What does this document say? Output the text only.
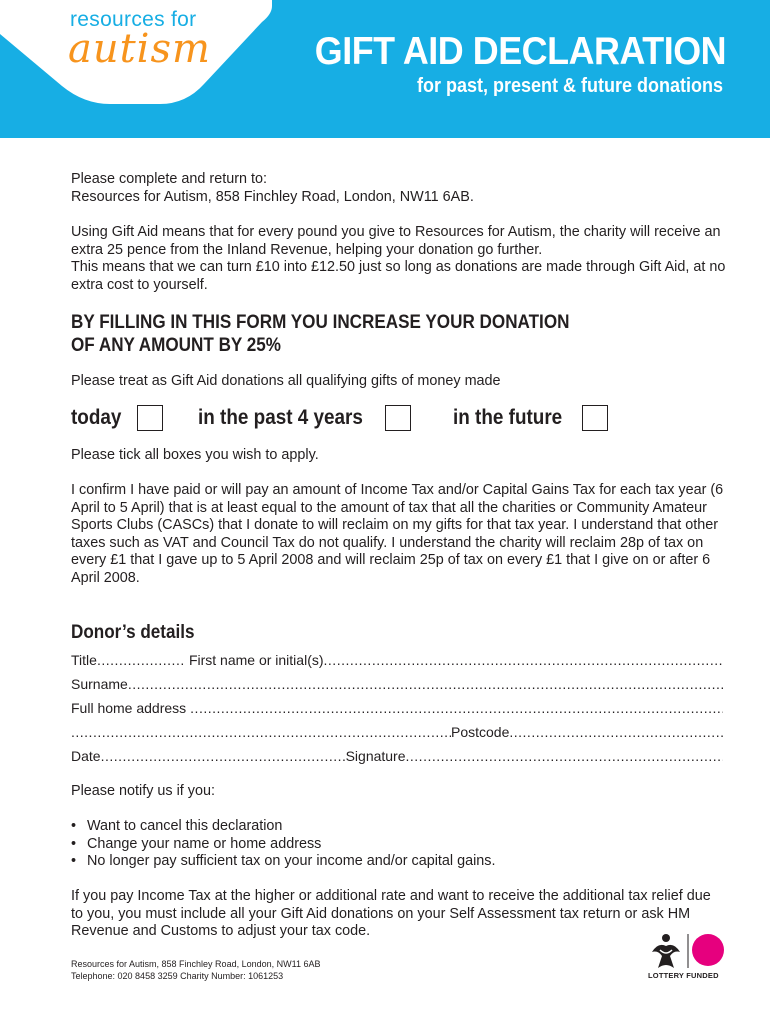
resources for
autism	GIFT AID DECLARATION
for past, present & future donations
Please complete and return to:
Resources for Autism, 858 Finchley Road, London, NW11 6AB.
Using Gift Aid means that for every pound you give to Resources for Autism, the charity will receive an extra 25 pence from the Inland Revenue, helping your donation go further.
This means that we can turn £10 into £12.50 just so long as donations are made through Gift Aid, at no extra cost to yourself.
BY FILLING IN THIS FORM YOU INCREASE YOUR DONATION
OF ANY AMOUNT BY 25%
Please treat as Gift Aid donations all qualifying gifts of money made
today	in the past 4 years	in the future
Please tick all boxes you wish to apply.
I confirm I have paid or will pay an amount of Income Tax and/or Capital Gains Tax for each tax year (6 April to 5 April) that is at least equal to the amount of tax that all the charities or Community Amateur Sports Clubs (CASCs) that I donate to will reclaim on my gifts for that tax year. I understand that other taxes such as VAT and Council Tax do not qualify. I understand the charity will reclaim 28p of tax on every £1 that I gave up to 5 April 2008 and will reclaim 25p of tax on every £1 that I give on or after 6 April 2008.
Donor’s details
Title .....	First name or initial(s)
.....
Surname
.....
Full home address
.....
.....
Postcode
.....
Date .....	Signature
.....
Please notify us if you:
• Want to cancel this declaration
• Change your name or home address
• No longer pay sufficient tax on your income and/or capital gains.
If you pay Income Tax at the higher or additional rate and want to receive the additional tax relief due to you, you must include all your Gift Aid donations on your Self Assessment tax return or ask HM Revenue and Customs to adjust your tax code.
Resources for Autism, 858 Finchley Road, London, NW11 6AB
Telephone: 020 8458 3259 Charity Number: 1061253	LOTTERY FUNDED
